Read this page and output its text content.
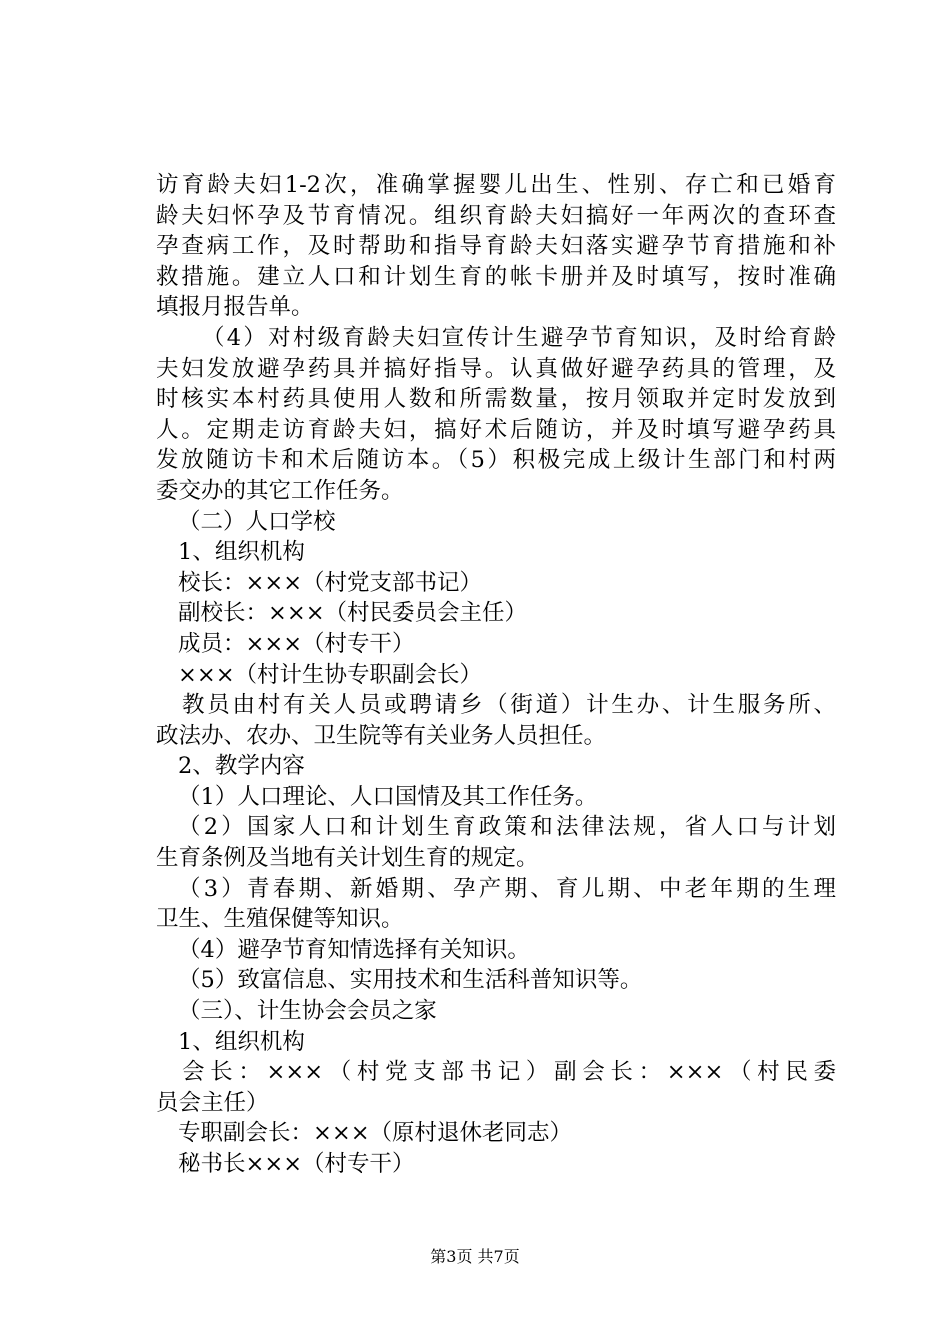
访育龄夫妇1-2次，准确掌握婴儿出生、性别、存亡和已婚育
龄夫妇怀孕及节育情况。组织育龄夫妇搞好一年两次的查环查
孕查病工作，及时帮助和指导育龄夫妇落实避孕节育措施和补
救措施。建立人口和计划生育的帐卡册并及时填写，按时准确
填报月报告单。
（4）对村级育龄夫妇宣传计生避孕节育知识，及时给育龄
夫妇发放避孕药具并搞好指导。认真做好避孕药具的管理，及
时核实本村药具使用人数和所需数量，按月领取并定时发放到
人。定期走访育龄夫妇，搞好术后随访，并及时填写避孕药具
发放随访卡和术后随访本。（5）积极完成上级计生部门和村两
委交办的其它工作任务。
（二）人口学校
1、组织机构
校长：×××（村党支部书记）
副校长：×××（村民委员会主任）
成员：×××（村专干）
×××（村计生协专职副会长）
教员由村有关人员或聘请乡（街道）计生办、计生服务所、
政法办、农办、卫生院等有关业务人员担任。
2、教学内容
（1）人口理论、人口国情及其工作任务。
（2）国家人口和计划生育政策和法律法规，省人口与计划
生育条例及当地有关计划生育的规定。
（3）青春期、新婚期、孕产期、育儿期、中老年期的生理
卫生、生殖保健等知识。
（4）避孕节育知情选择有关知识。
（5）致富信息、实用技术和生活科普知识等。
（三）、计生协会会员之家
1、组织机构
会长：×××（村党支部书记）副会长：×××（村民委
员会主任）
专职副会长：×××（原村退休老同志）
秘书长×××（村专干）
第3页 共7页
